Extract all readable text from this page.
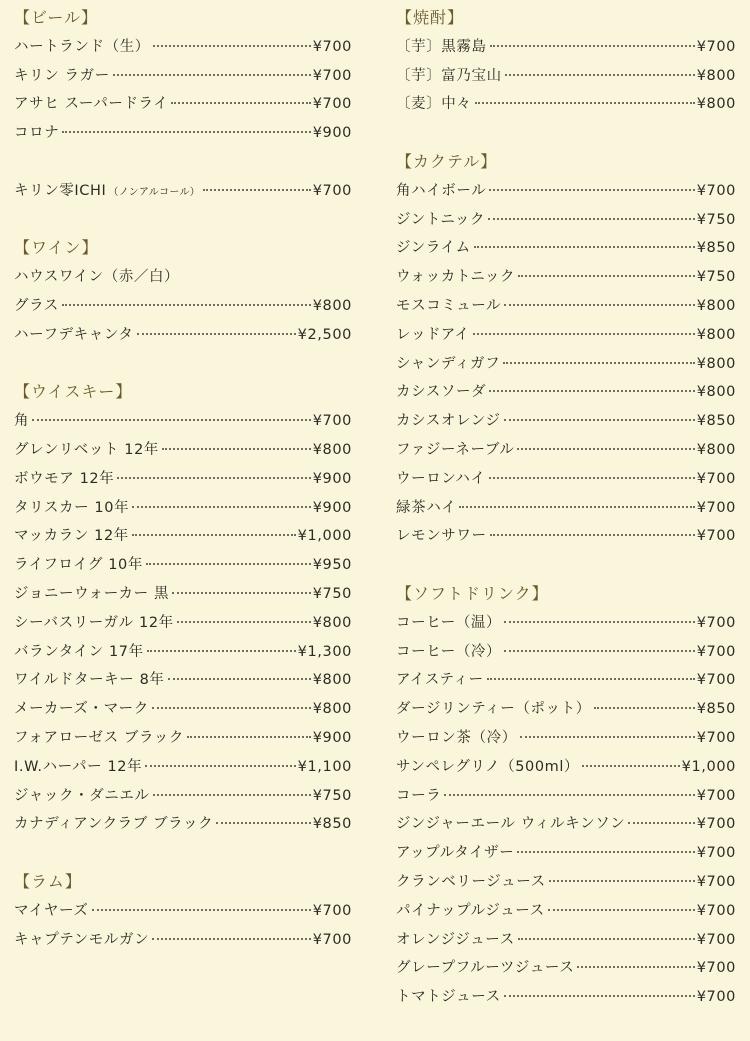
【ビール】
ハートランド（生）	¥700
キリン ラガー	¥700
アサヒ スーパードライ	¥700
コロナ	¥900
キリン零ICHI （ノンアルコール）	¥700
【ワイン】
ハウスワイン（赤／白）
グラス	¥800
ハーフデキャンタ	¥2,500
【ウイスキー】
角	¥700
グレンリベット 12年	¥800
ボウモア 12年	¥900
タリスカー 10年	¥900
マッカラン 12年	¥1,000
ライフロイグ 10年	¥950
ジョニーウォーカー 黒	¥750
シーバスリーガル 12年	¥800
バランタイン 17年	¥1,300
ワイルドターキー 8年	¥800
メーカーズ・マーク	¥800
フォアローゼス ブラック	¥900
I.W.ハーパー 12年	¥1,100
ジャック・ダニエル	¥750
カナディアンクラブ ブラック	¥850
【ラム】
マイヤーズ	¥700
キャプテンモルガン	¥700
【焼酎】
〔芋〕黒霧島	¥700
〔芋〕富乃宝山	¥800
〔麦〕中々	¥800
【カクテル】
角ハイボール	¥700
ジントニック	¥750
ジンライム	¥850
ウォッカトニック	¥750
モスコミュール	¥800
レッドアイ	¥800
シャンディガフ	¥800
カシスソーダ	¥800
カシスオレンジ	¥850
ファジーネーブル	¥800
ウーロンハイ	¥700
緑茶ハイ	¥700
レモンサワー	¥700
【ソフトドリンク】
コーヒー（温）	¥700
コーヒー（冷）	¥700
アイスティー	¥700
ダージリンティー（ポット）	¥850
ウーロン茶（冷）	¥700
サンペレグリノ（500ml）	¥1,000
コーラ	¥700
ジンジャーエール ウィルキンソン	¥700
アップルタイザー	¥700
クランベリージュース	¥700
パイナップルジュース	¥700
オレンジジュース	¥700
グレープフルーツジュース	¥700
トマトジュース	¥700
